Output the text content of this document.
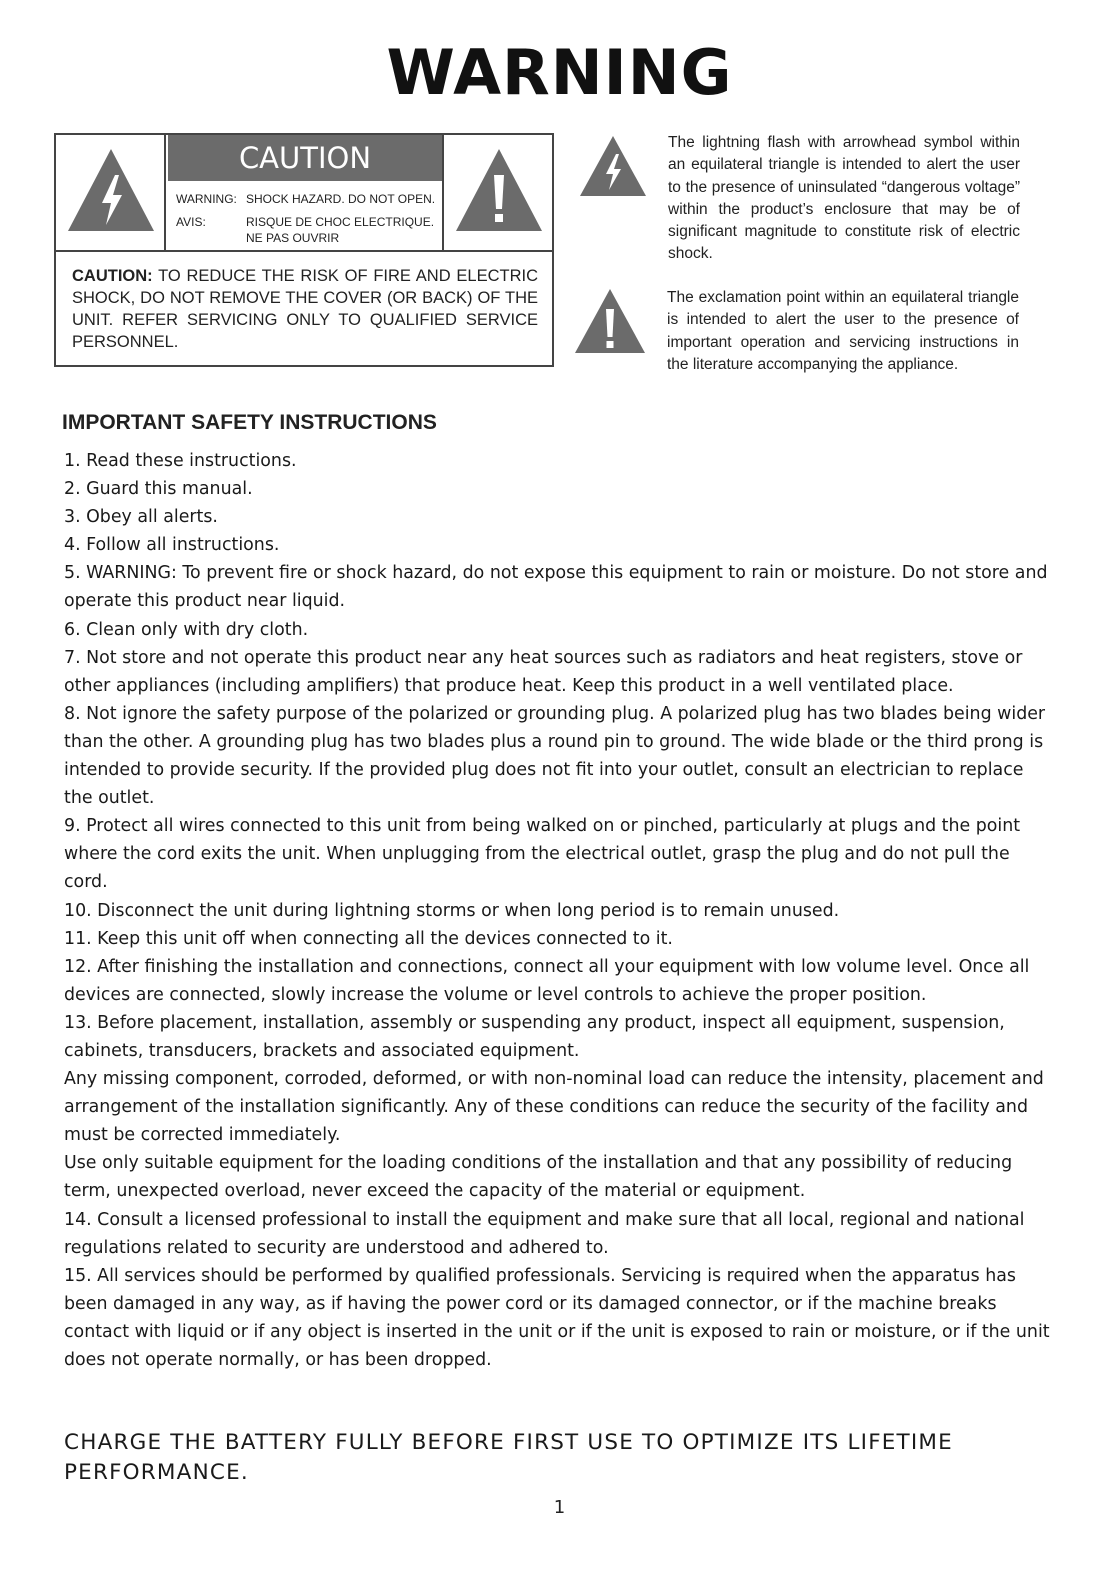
WARNING
CAUTION
WARNING: SHOCK HAZARD. DO NOT OPEN.
AVIS:	RISQUE DE CHOC ELECTRIQUE. NE PAS OUVRIR

CAUTION: TO REDUCE THE RISK OF FIRE AND ELECTRIC SHOCK, DO NOT REMOVE THE COVER (OR BACK) OF THE UNIT. REFER SERVICING ONLY TO QUALIFIED SERVICE PERSONNEL.

The lightning flash with arrowhead symbol within an equilateral triangle is intended to alert the user to the presence of uninsulated “dangerous voltage” within the product’s enclosure that may be of significant magnitude to constitute risk of electric shock.

The exclamation point within an equilateral triangle is intended to alert the user to the presence of important operation and servicing instructions in the literature accompanying the appliance.

IMPORTANT SAFETY INSTRUCTIONS
1. Read these instructions.
2. Guard this manual.
3. Obey all alerts.
4. Follow all instructions.
5. WARNING: To prevent fire or shock hazard, do not expose this equipment to rain or moisture. Do not store and operate this product near liquid.
6. Clean only with dry cloth.
7. Not store and not operate this product near any heat sources such as radiators and heat registers, stove or other appliances (including amplifiers) that produce heat. Keep this product in a well ventilated place.
8. Not ignore the safety purpose of the polarized or grounding plug. A polarized plug has two blades being wider than the other. A grounding plug has two blades plus a round pin to ground. The wide blade or the third prong is intended to provide security. If the provided plug does not fit into your outlet, consult an electrician to replace the outlet.
9. Protect all wires connected to this unit from being walked on or pinched, particularly at plugs and the point where the cord exits the unit. When unplugging from the electrical outlet, grasp the plug and do not pull the cord.
10. Disconnect the unit during lightning storms or when long period is to remain unused.
11. Keep this unit off when connecting all the devices connected to it.
12. After finishing the installation and connections, connect all your equipment with low volume level. Once all devices are connected, slowly increase the volume or level controls to achieve the proper position.
13. Before placement, installation, assembly or suspending any product, inspect all equipment, suspension, cabinets, transducers, brackets and associated equipment.
Any missing component, corroded, deformed, or with non-nominal load can reduce the intensity, placement and arrangement of the installation significantly. Any of these conditions can reduce the security of the facility and must be corrected immediately.
Use only suitable equipment for the loading conditions of the installation and that any possibility of reducing term, unexpected overload, never exceed the capacity of the material or equipment.
14. Consult a licensed professional to install the equipment and make sure that all local, regional and national regulations related to security are understood and adhered to.
15. All services should be performed by qualified professionals. Servicing is required when the apparatus has been damaged in any way, as if having the power cord or its damaged connector, or if the machine breaks contact with liquid or if any object is inserted in the unit or if the unit is exposed to rain or moisture, or if the unit does not operate normally, or has been dropped.

CHARGE THE BATTERY FULLY BEFORE FIRST USE TO OPTIMIZE ITS LIFETIME PERFORMANCE.

1
